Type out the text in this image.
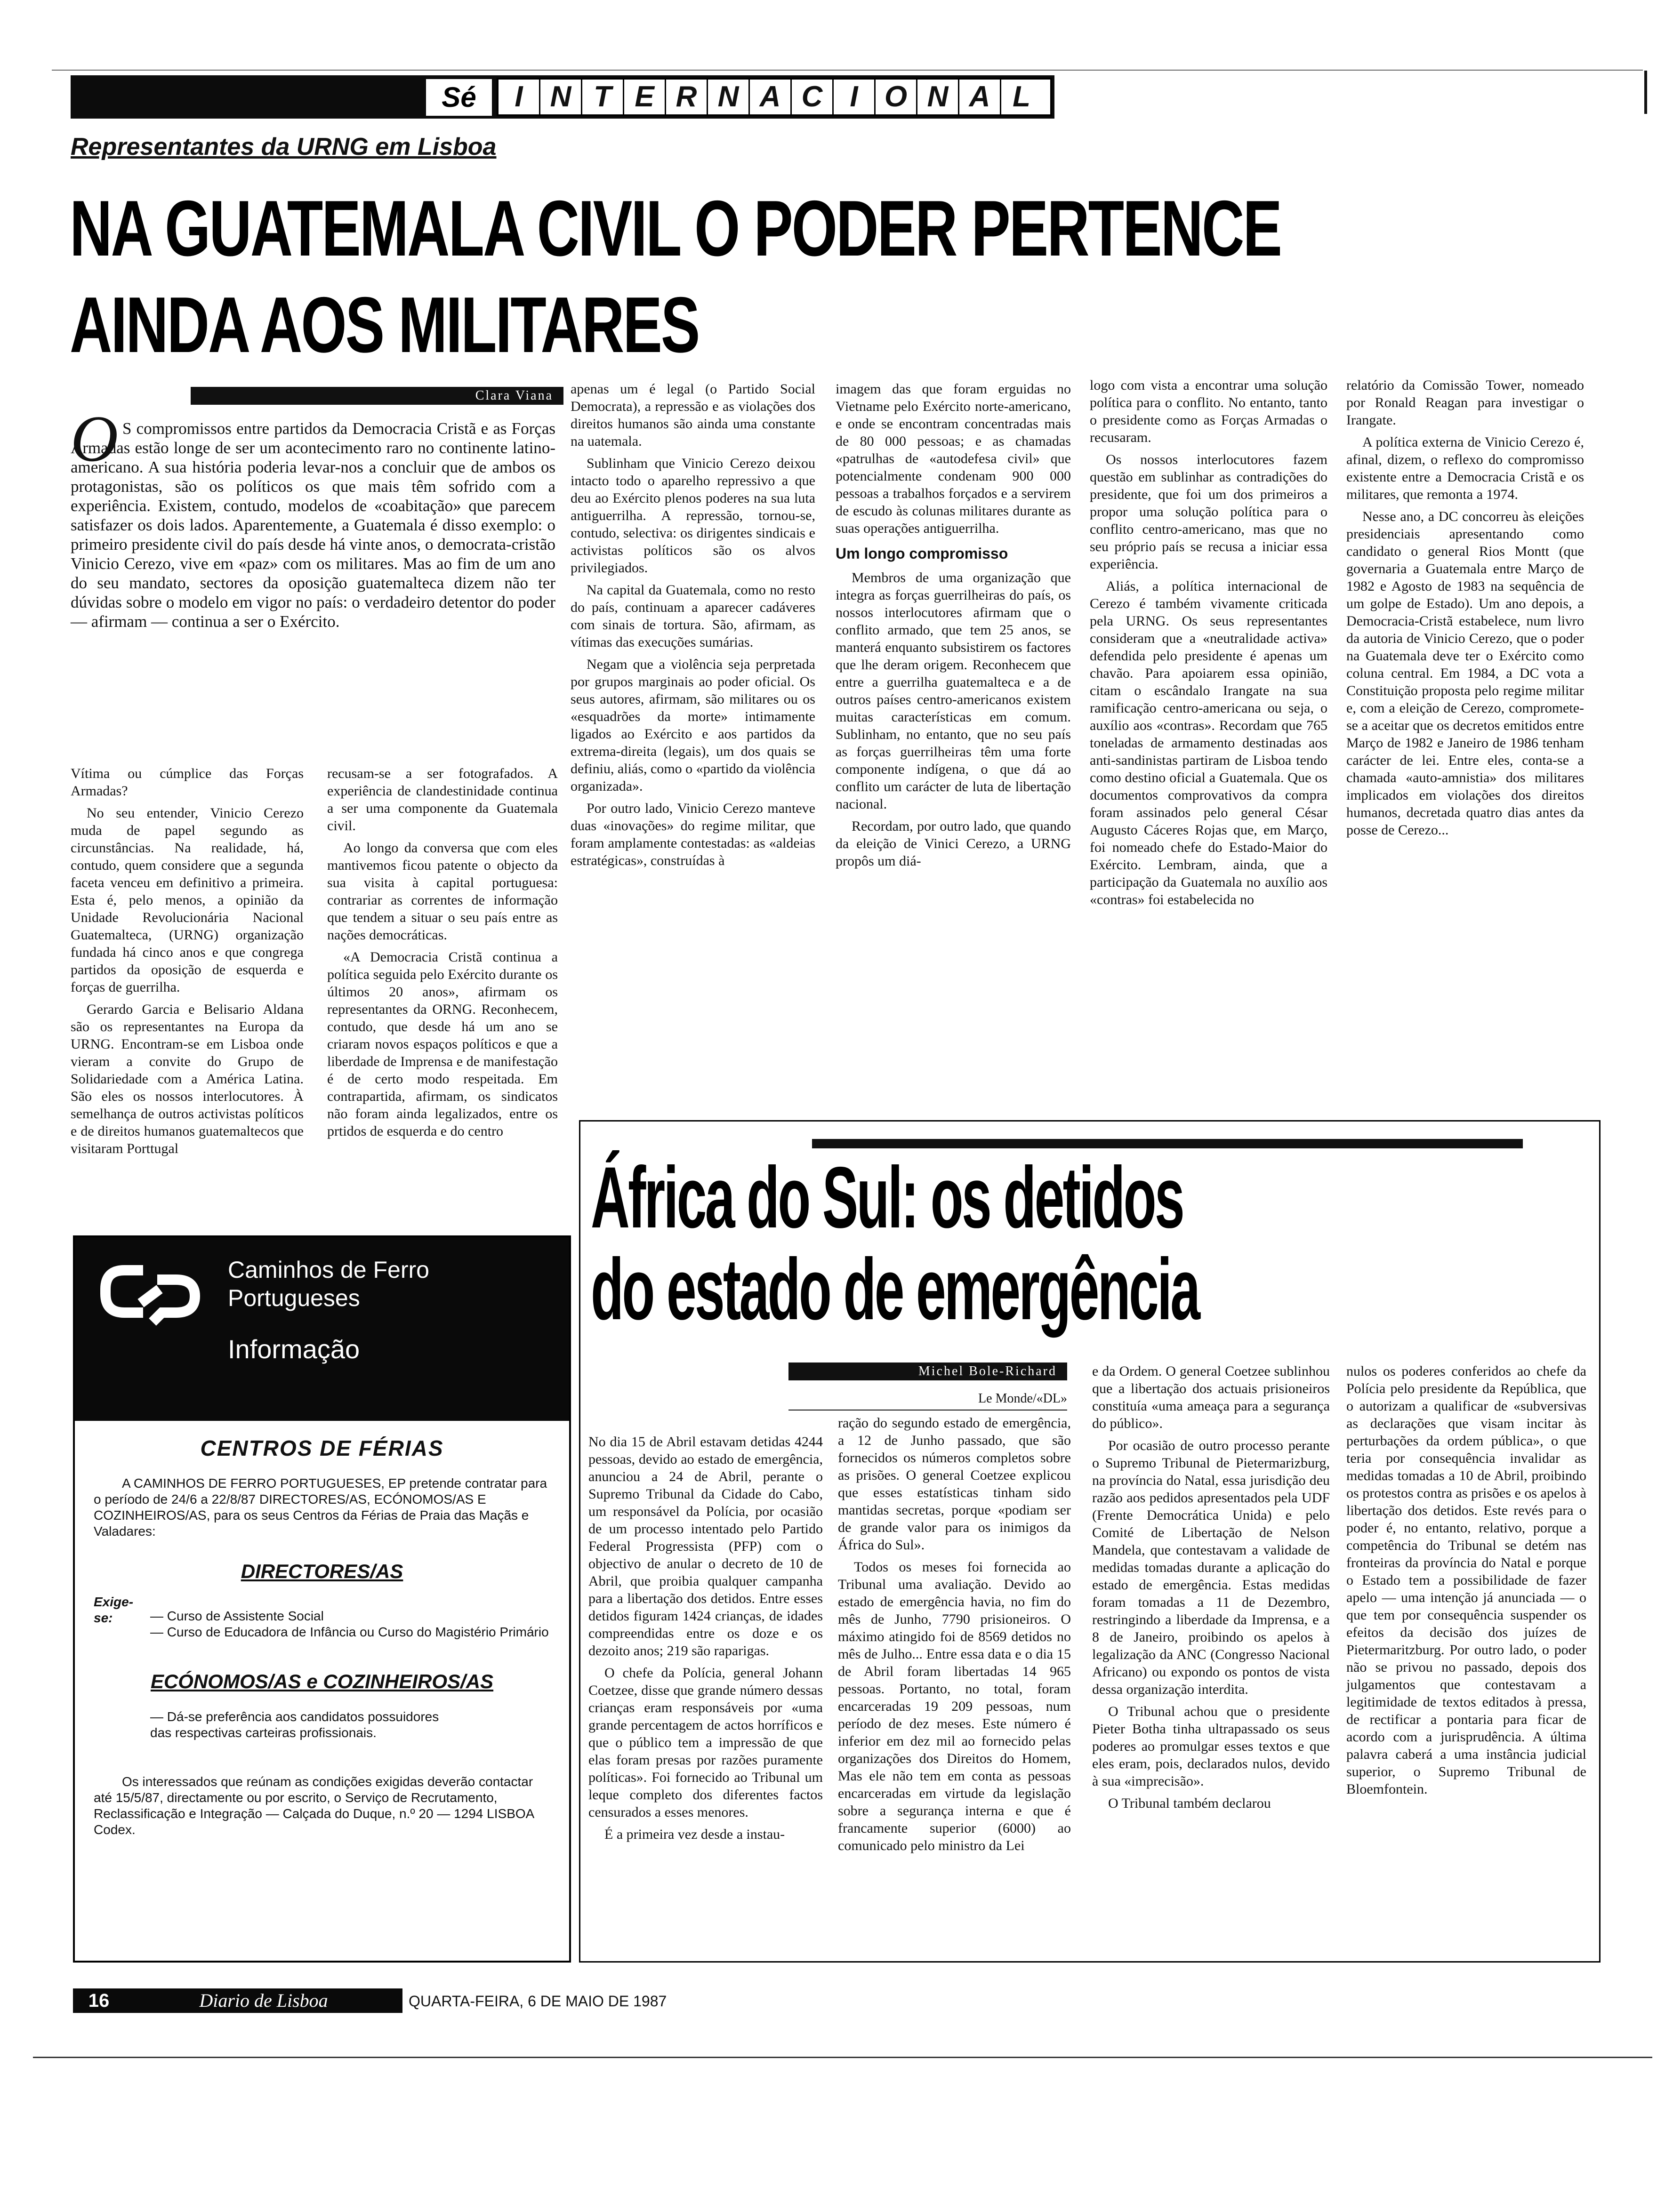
Sé	I N T E R N A C I O N A L
Representantes da URNG em Lisboa
NA GUATEMALA CIVIL O PODER PERTENCE
AINDA AOS MILITARES
Clara Viana
O S compromissos entre partidos da Democracia Cristã e as Forças Armadas estão longe de ser um acontecimento raro no continente latino-americano. A sua história poderia levar-nos a concluir que de ambos os protagonistas, são os políticos os que mais têm sofrido com a experiência. Existem, contudo, modelos de «coabitação» que parecem satisfazer os dois lados. Aparentemente, a Guatemala é disso exemplo: o primeiro presidente civil do país desde há vinte anos, o democrata-cristão Vinicio Cerezo, vive em «paz» com os militares. Mas ao fim de um ano do seu mandato, sectores da oposição guatemalteca dizem não ter dúvidas sobre o modelo em vigor no país: o verdadeiro detentor do poder — afirmam — continua a ser o Exército.

Vítima ou cúmplice das Forças Armadas?

No seu entender, Vinicio Cerezo muda de papel segundo as circunstâncias. Na realidade, há, contudo, quem considere que a segunda faceta venceu em definitivo a primeira. Esta é, pelo menos, a opinião da Unidade Revolucionária Nacional Guatemalteca, (URNG) organização fundada há cinco anos e que congrega partidos da oposição de esquerda e forças de guerrilha.

Gerardo Garcia e Belisario Aldana são os representantes na Europa da URNG. Encontram-se em Lisboa onde vieram a convite do Grupo de Solidariedade com a América Latina. São eles os nossos interlocutores. À semelhança de outros activistas políticos e de direitos humanos guatemaltecos que visitaram Porttugal

recusam-se a ser fotografados. A experiência de clandestinidade continua a ser uma componente da Guatemala civil.

Ao longo da conversa que com eles mantivemos ficou patente o objecto da sua visita à capital portuguesa: contrariar as correntes de informação que tendem a situar o seu país entre as nações democráticas.

«A Democracia Cristã continua a política seguida pelo Exército durante os últimos 20 anos», afirmam os representantes da ORNG. Reconhecem, contudo, que desde há um ano se criaram novos espaços políticos e que a liberdade de Imprensa e de manifestação é de certo modo respeitada. Em contrapartida, afirmam, os sindicatos não foram ainda legalizados, entre os prtidos de esquerda e do centro

apenas um é legal (o Partido Social Democrata), a repressão e as violações dos direitos humanos são ainda uma constante na uatemala.

Sublinham que Vinicio Cerezo deixou intacto todo o aparelho repressivo a que deu ao Exército plenos poderes na sua luta antiguerrilha. A repressão, tornou-se, contudo, selectiva: os dirigentes sindicais e activistas políticos são os alvos privilegiados.

Na capital da Guatemala, como no resto do país, continuam a aparecer cadáveres com sinais de tortura. São, afirmam, as vítimas das execuções sumárias.

Negam que a violência seja perpretada por grupos marginais ao poder oficial. Os seus autores, afirmam, são militares ou os «esquadrões da morte» intimamente ligados ao Exército e aos partidos da extrema-direita (legais), um dos quais se definiu, aliás, como o «partido da violência organizada».

Por outro lado, Vinicio Cerezo manteve duas «inovações» do regime militar, que foram amplamente contestadas: as «aldeias estratégicas», construídas à

imagem das que foram erguidas no Vietname pelo Exército norte-americano, e onde se encontram concentradas mais de 80 000 pessoas; e as chamadas «patrulhas de «autodefesa civil» que potencialmente condenam 900 000 pessoas a trabalhos forçados e a servirem de escudo às colunas militares durante as suas operações antiguerrilha.

Um longo compromisso

Membros de uma organização que integra as forças guerrilheiras do país, os nossos interlocutores afirmam que o conflito armado, que tem 25 anos, se manterá enquanto subsistirem os factores que lhe deram origem. Reconhecem que entre a guerrilha guatemalteca e a de outros países centro-americanos existem muitas características em comum. Sublinham, no entanto, que no seu país as forças guerrilheiras têm uma forte componente indígena, o que dá ao conflito um carácter de luta de libertação nacional.

Recordam, por outro lado, que quando da eleição de Vinici Cerezo, a URNG propôs um diá-

logo com vista a encontrar uma solução política para o conflito. No entanto, tanto o presidente como as Forças Armadas o recusaram.

Os nossos interlocutores fazem questão em sublinhar as contradições do presidente, que foi um dos primeiros a propor uma solução política para o conflito centro-americano, mas que no seu próprio país se recusa a iniciar essa experiência.

Aliás, a política internacional de Cerezo é também vivamente criticada pela URNG. Os seus representantes consideram que a «neutralidade activa» defendida pelo presidente é apenas um chavão. Para apoiarem essa opinião, citam o escândalo Irangate na sua ramificação centro-americana ou seja, o auxílio aos «contras». Recordam que 765 toneladas de armamento destinadas aos anti-sandinistas partiram de Lisboa tendo como destino oficial a Guatemala. Que os documentos comprovativos da compra foram assinados pelo general César Augusto Cáceres Rojas que, em Março, foi nomeado chefe do Estado-Maior do Exército. Lembram, ainda, que a participação da Guatemala no auxílio aos «contras» foi estabelecida no

relatório da Comissão Tower, nomeado por Ronald Reagan para investigar o Irangate.

A política externa de Vinicio Cerezo é, afinal, dizem, o reflexo do compromisso existente entre a Democracia Cristã e os militares, que remonta a 1974.

Nesse ano, a DC concorreu às eleições presidenciais apresentando como candidato o general Rios Montt (que governaria a Guatemala entre Março de 1982 e Agosto de 1983 na sequência de um golpe de Estado). Um ano depois, a Democracia-Cristã estabelece, num livro da autoria de Vinicio Cerezo, que o poder na Guatemala deve ter o Exército como coluna central. Em 1984, a DC vota a Constituição proposta pelo regime militar e, com a eleição de Cerezo, compromete-se a aceitar que os decretos emitidos entre Março de 1982 e Janeiro de 1986 tenham carácter de lei. Entre eles, conta-se a chamada «auto-amnistia» dos militares implicados em violações dos direitos humanos, decretada quatro dias antes da posse de Cerezo...

África do Sul: os detidos
do estado de emergência
Michel Bole-Richard
Le Monde/«DL»

No dia 15 de Abril estavam detidas 4244 pessoas, devido ao estado de emergência, anunciou a 24 de Abril, perante o Supremo Tribunal da Cidade do Cabo, um responsável da Polícia, por ocasião de um processo intentado pelo Partido Federal Progressista (PFP) com o objectivo de anular o decreto de 10 de Abril, que proibia qualquer campanha para a libertação dos detidos. Entre esses detidos figuram 1424 crianças, de idades compreendidas entre os doze e os dezoito anos; 219 são raparigas.

O chefe da Polícia, general Johann Coetzee, disse que grande número dessas crianças eram responsáveis por «uma grande percentagem de actos horríficos e que o público tem a impressão de que elas foram presas por razões puramente políticas». Foi fornecido ao Tribunal um leque completo dos diferentes factos censurados a esses menores.

É a primeira vez desde a instau-

ração do segundo estado de emergência, a 12 de Junho passado, que são fornecidos os números completos sobre as prisões. O general Coetzee explicou que esses estatísticas tinham sido mantidas secretas, porque «podiam ser de grande valor para os inimigos da África do Sul».

Todos os meses foi fornecida ao Tribunal uma avaliação. Devido ao estado de emergência havia, no fim do mês de Junho, 7790 prisioneiros. O máximo atingido foi de 8569 detidos no mês de Julho... Entre essa data e o dia 15 de Abril foram libertadas 14 965 pessoas. Portanto, no total, foram encarceradas 19 209 pessoas, num período de dez meses. Este número é inferior em dez mil ao fornecido pelas organizações dos Direitos do Homem, Mas ele não tem em conta as pessoas encarceradas em virtude da legislação sobre a segurança interna e que é francamente superior (6000) ao comunicado pelo ministro da Lei

e da Ordem. O general Coetzee sublinhou que a libertação dos actuais prisioneiros constituía «uma ameaça para a segurança do público».

Por ocasião de outro processo perante o Supremo Tribunal de Pietermarizburg, na província do Natal, essa jurisdição deu razão aos pedidos apresentados pela UDF (Frente Democrática Unida) e pelo Comité de Libertação de Nelson Mandela, que contestavam a validade de medidas tomadas durante a aplicação do estado de emergência. Estas medidas foram tomadas a 11 de Dezembro, restringindo a liberdade da Imprensa, e a 8 de Janeiro, proibindo os apelos à legalização da ANC (Congresso Nacional Africano) ou expondo os pontos de vista dessa organização interdita.

O Tribunal achou que o presidente Pieter Botha tinha ultrapassado os seus poderes ao promulgar esses textos e que eles eram, pois, declarados nulos, devido à sua «imprecisão».

O Tribunal também declarou

nulos os poderes conferidos ao chefe da Polícia pelo presidente da República, que o autorizam a qualificar de «subversivas as declarações que visam incitar às perturbações da ordem pública», o que teria por consequência invalidar as medidas tomadas a 10 de Abril, proibindo os protestos contra as prisões e os apelos à libertação dos detidos. Este revés para o poder é, no entanto, relativo, porque a competência do Tribunal se detém nas fronteiras da província do Natal e porque o Estado tem a possibilidade de fazer apelo — uma intenção já anunciada — o que tem por consequência suspender os efeitos da decisão dos juízes de Pietermaritzburg. Por outro lado, o poder não se privou no passado, depois dos julgamentos que contestavam a legitimidade de textos editados à pressa, de rectificar a pontaria para ficar de acordo com a jurisprudência. A última palavra caberá a uma instância judicial superior, o Supremo Tribunal de Bloemfontein.

Caminhos de Ferro
Portugueses
Informação
CENTROS DE FÉRIAS
A CAMINHOS DE FERRO PORTUGUESES, EP pretende contratar para o período de 24/6 a 22/8/87 DIRECTORES/AS, ECÓNOMOS/AS E COZINHEIROS/AS, para os seus Centros da Férias de Praia das Maçãs e Valadares:
DIRECTORES/AS
Exige-se:	— Curso de Assistente Social
— Curso de Educadora de Infância ou Curso do Magistério Primário
ECÓNOMOS/AS e COZINHEIROS/AS
— Dá-se preferência aos candidatos possuidores das respectivas carteiras profissionais.
Os interessados que reúnam as condições exigidas deverão contactar até 15/5/87, directamente ou por escrito, o Serviço de Recrutamento, Reclassificação e Integração — Calçada do Duque, n.º 20 — 1294 LISBOA Codex.
16	Diario de Lisboa	QUARTA-FEIRA, 6 DE MAIO DE 1987
